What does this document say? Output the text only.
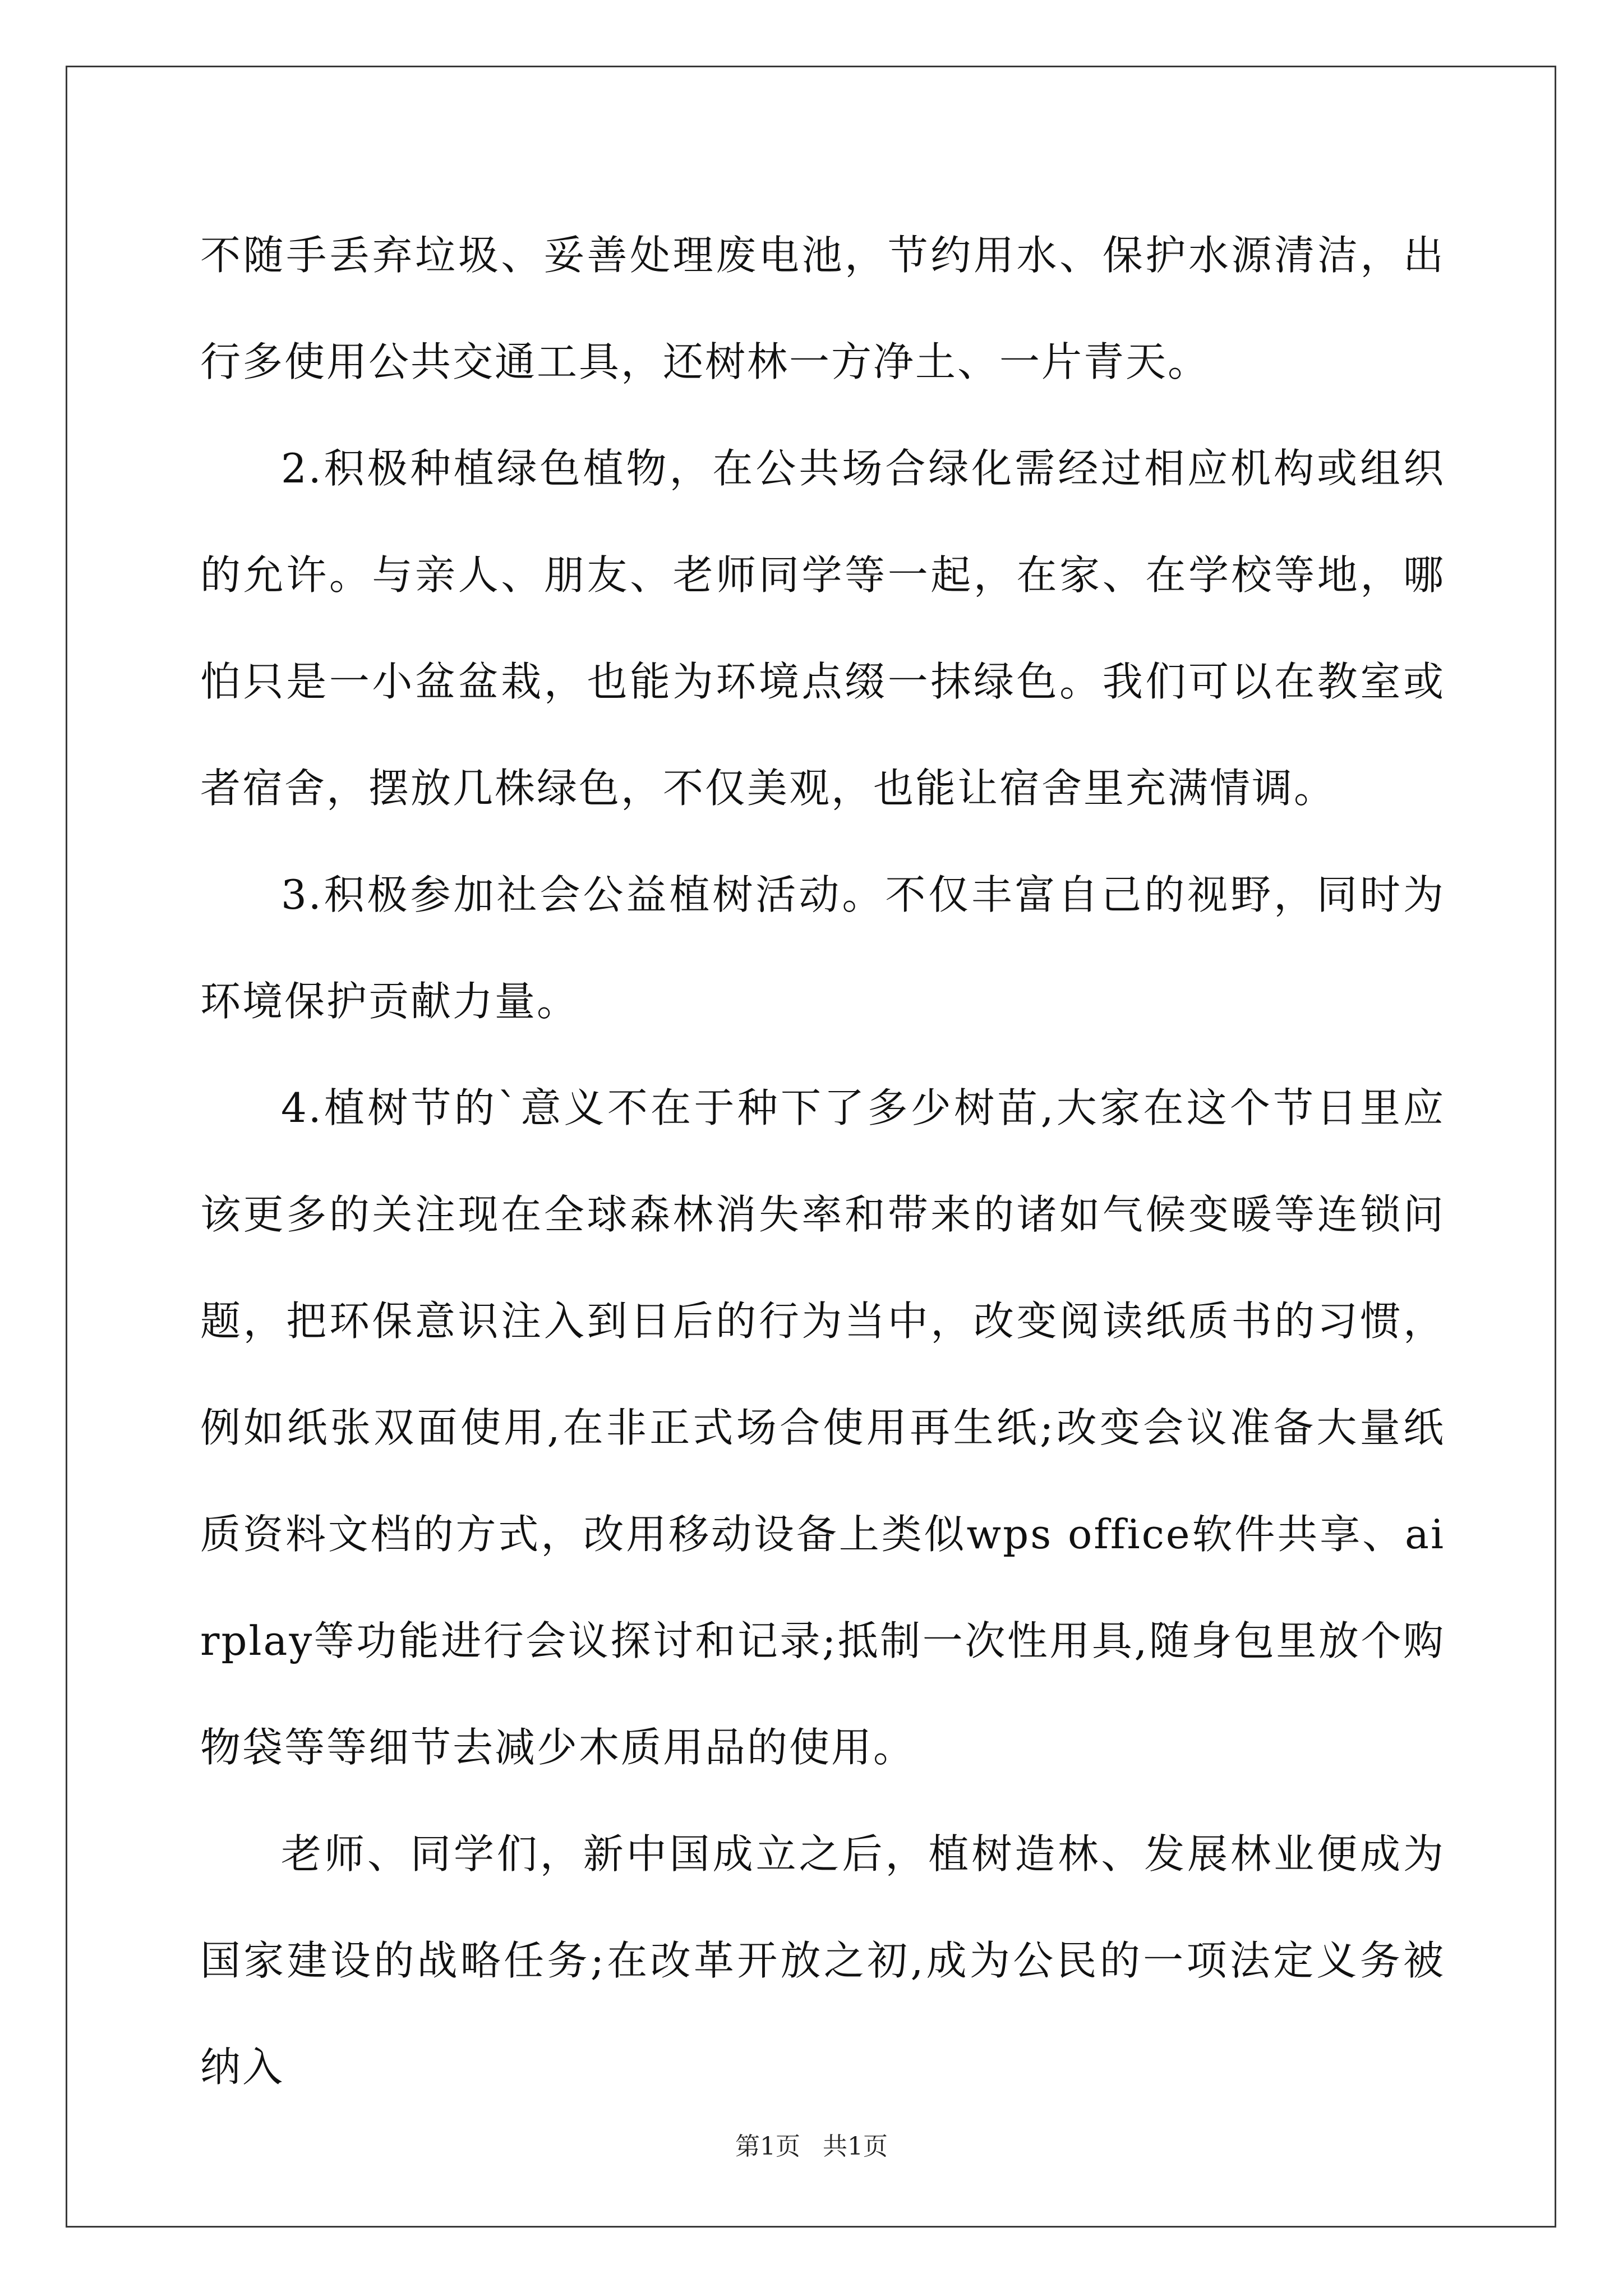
不随手丢弃垃圾、妥善处理废电池，节约用水、保护水源清洁，出行多使用公共交通工具，还树林一方净土、一片青天。

2.积极种植绿色植物，在公共场合绿化需经过相应机构或组织的允许。与亲人、朋友、老师同学等一起，在家、在学校等地，哪怕只是一小盆盆栽，也能为环境点缀一抹绿色。我们可以在教室或者宿舍，摆放几株绿色，不仅美观，也能让宿舍里充满情调。

3.积极参加社会公益植树活动。不仅丰富自己的视野，同时为环境保护贡献力量。

4.植树节的`意义不在于种下了多少树苗,大家在这个节日里应该更多的关注现在全球森林消失率和带来的诸如气候变暖等连锁问题，把环保意识注入到日后的行为当中，改变阅读纸质书的习惯，例如纸张双面使用,在非正式场合使用再生纸;改变会议准备大量纸质资料文档的方式，改用移动设备上类似wps office软件共享、airplay等功能进行会议探讨和记录;抵制一次性用具,随身包里放个购物袋等等细节去减少木质用品的使用。

老师、同学们，新中国成立之后，植树造林、发展林业便成为国家建设的战略任务;在改革开放之初,成为公民的一项法定义务被纳入

第1页 共1页
